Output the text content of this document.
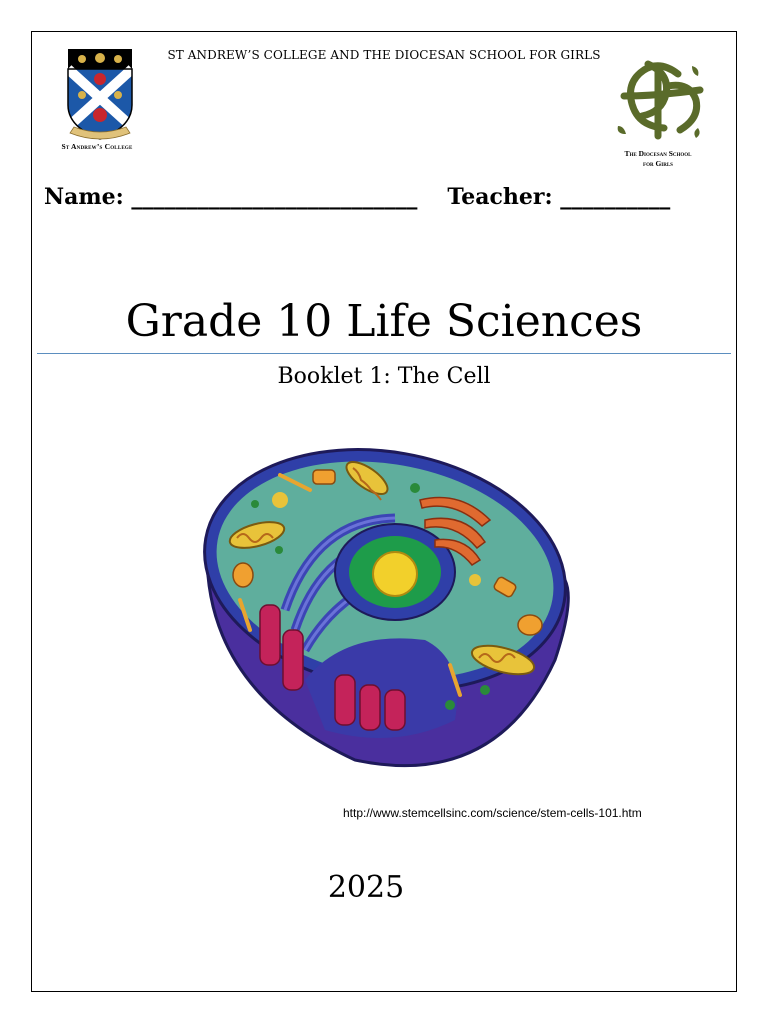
ST ANDREW’S COLLEGE AND THE DIOCESAN SCHOOL FOR GIRLS
St Andrew’s College
The Diocesan School
for Girls
Name: __________________________ Teacher: __________
Grade 10 Life Sciences
Booklet 1: The Cell
http://www.stemcellsinc.com/science/stem-cells-101.htm
2025
